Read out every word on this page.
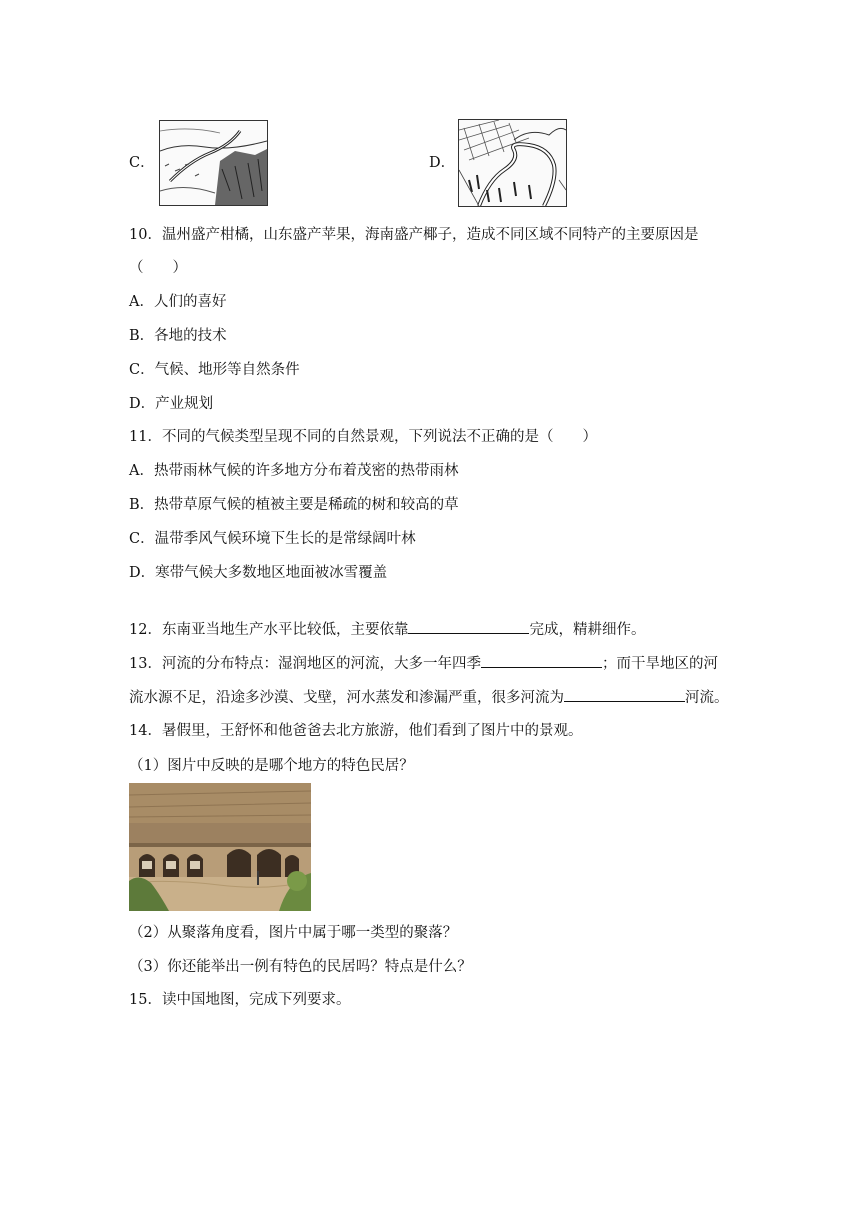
C．	D．
10．温州盛产柑橘，山东盛产苹果，海南盛产椰子，造成不同区域不同特产的主要原因是
（　　）
A．人们的喜好
B．各地的技术
C．气候、地形等自然条件
D．产业规划
11．不同的气候类型呈现不同的自然景观，下列说法不正确的是（　　）
A．热带雨林气候的许多地方分布着茂密的热带雨林
B．热带草原气候的植被主要是稀疏的树和较高的草
C．温带季风气候环境下生长的是常绿阔叶林
D．寒带气候大多数地区地面被冰雪覆盖
12．东南亚当地生产水平比较低，主要依靠	完成，精耕细作。
13．河流的分布特点：湿润地区的河流，大多一年四季	；而干旱地区的河
流水源不足，沿途多沙漠、戈壁，河水蒸发和渗漏严重，很多河流为	河流。
14．暑假里，王舒怀和他爸爸去北方旅游，他们看到了图片中的景观。
（1）图片中反映的是哪个地方的特色民居？
（2）从聚落角度看，图片中属于哪一类型的聚落？
（3）你还能举出一例有特色的民居吗？特点是什么？
15．读中国地图，完成下列要求。
